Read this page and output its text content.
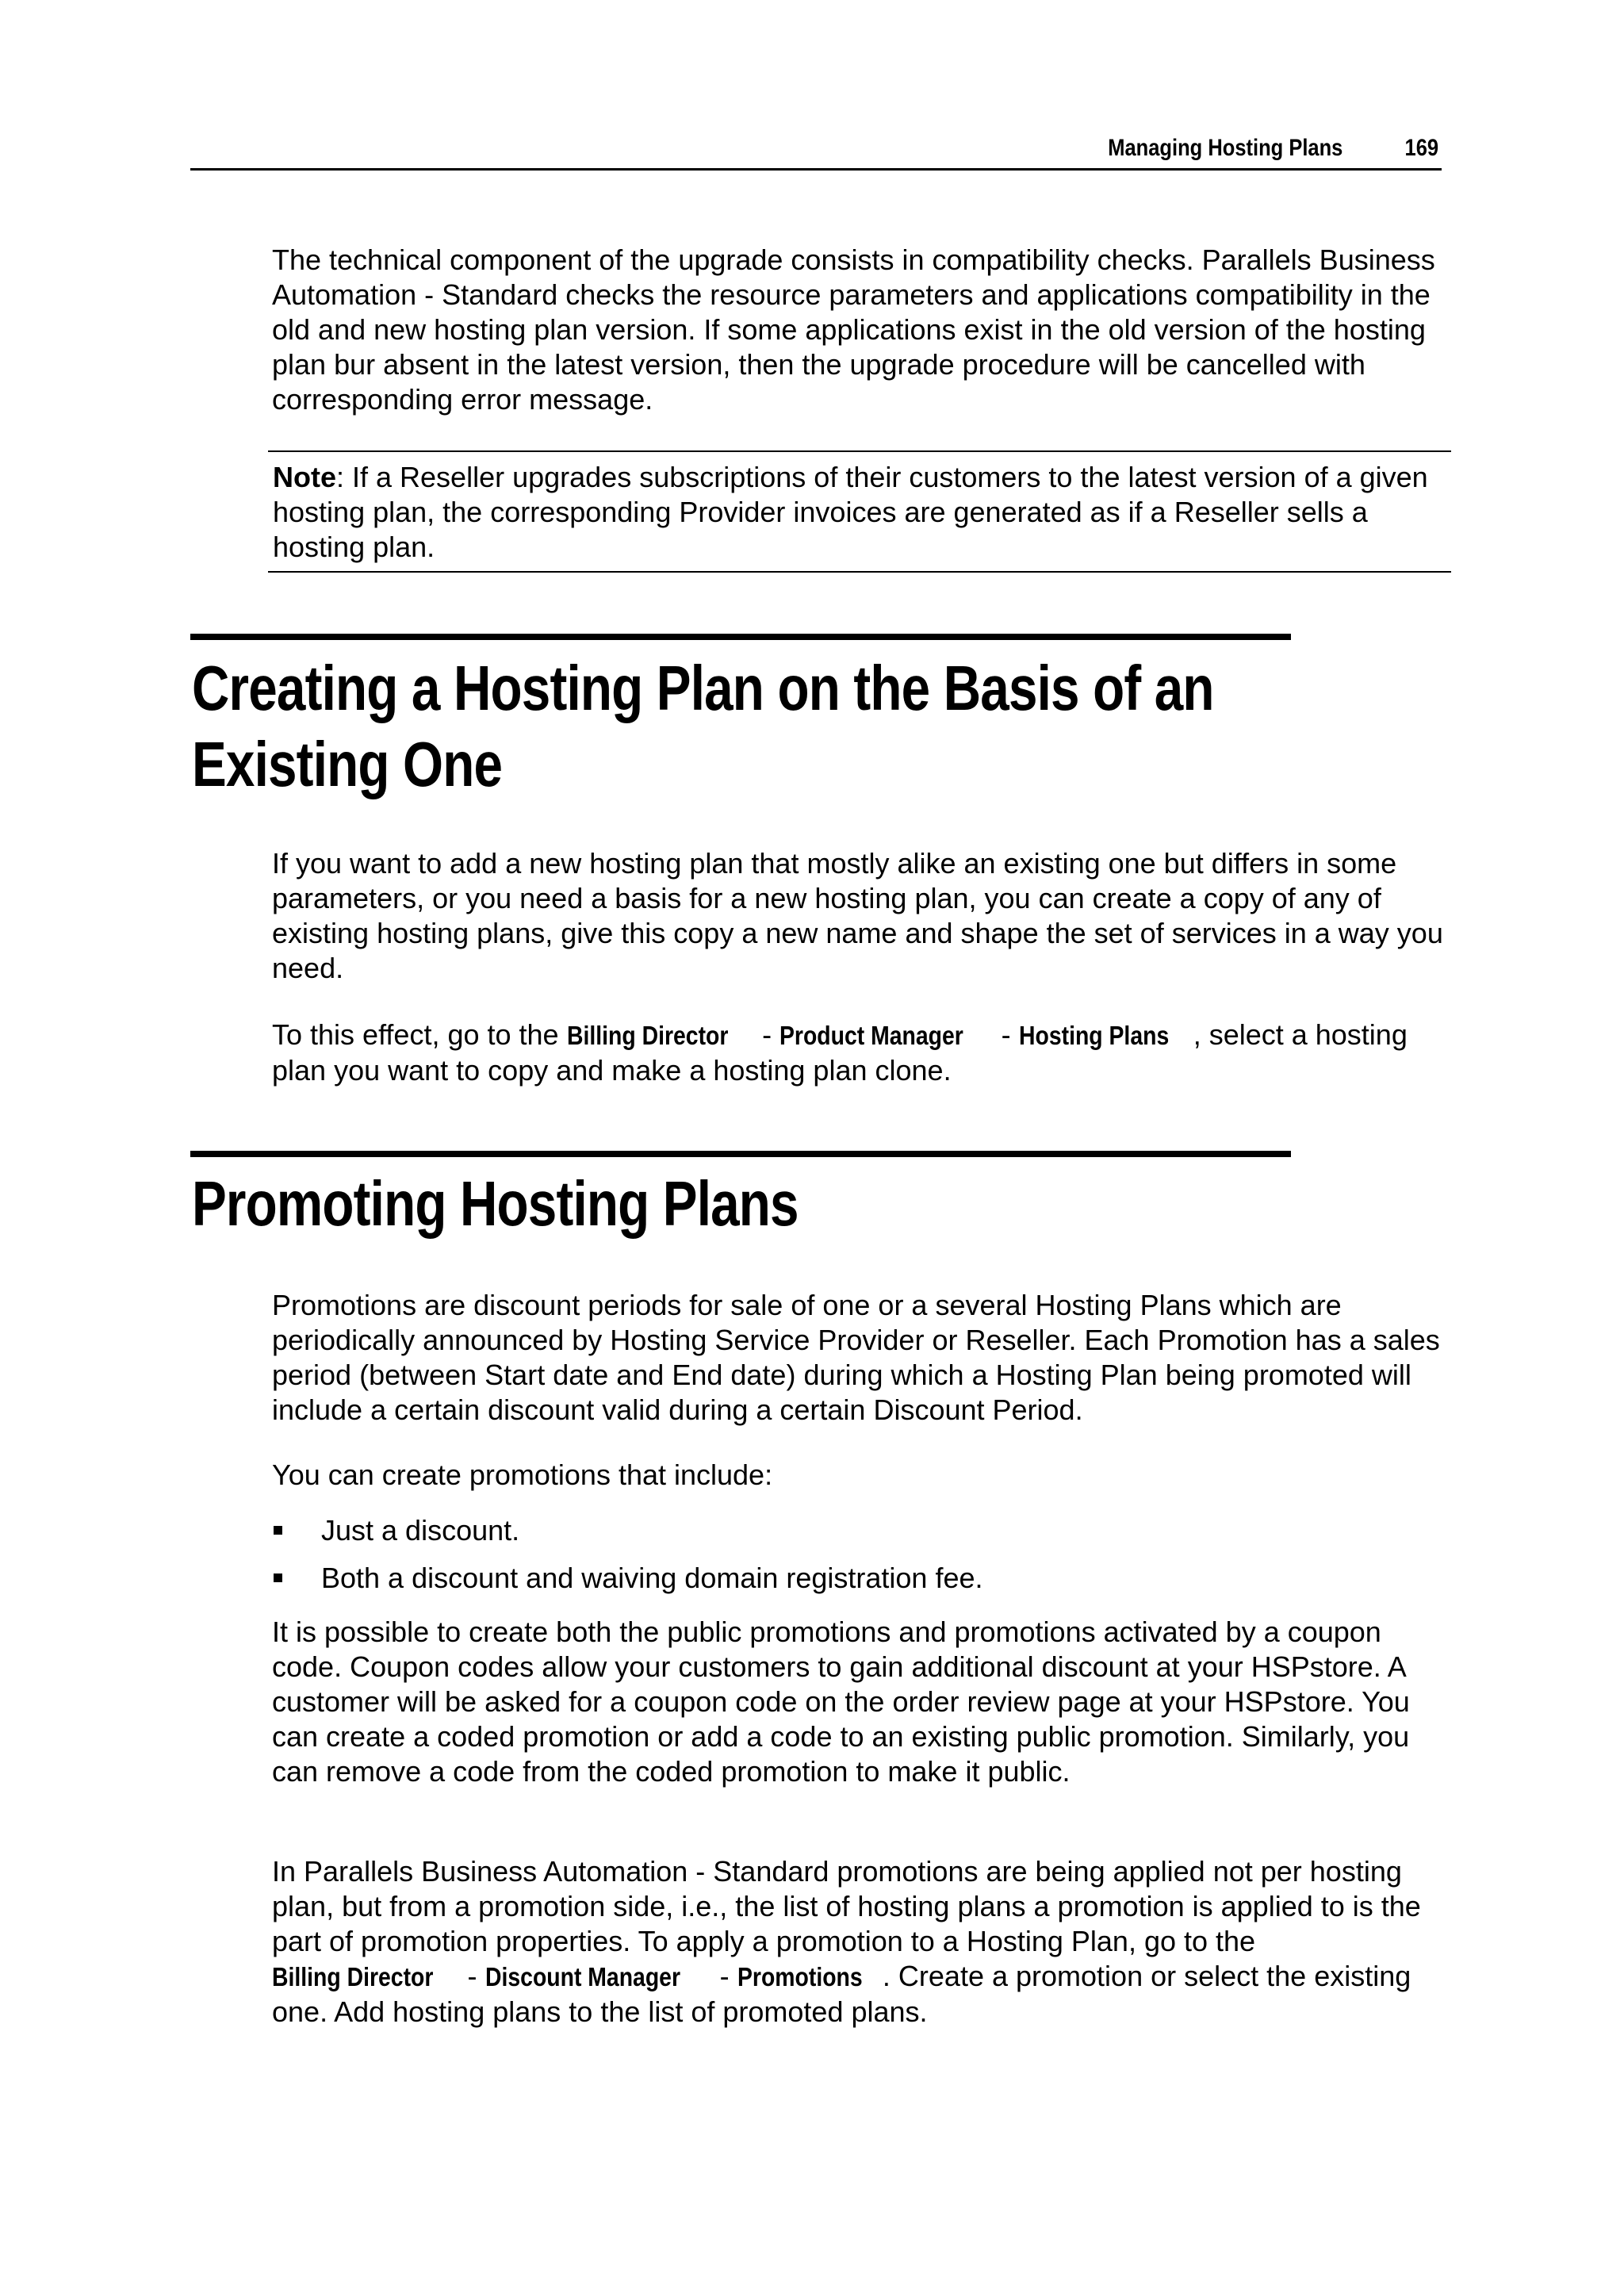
Managing Hosting Plans	169

The technical component of the upgrade consists in compatibility checks. Parallels Business Automation - Standard checks the resource parameters and applications compatibility in the old and new hosting plan version. If some applications exist in the old version of the hosting plan bur absent in the latest version, then the upgrade procedure will be cancelled with corresponding error message.

Note: If a Reseller upgrades subscriptions of their customers to the latest version of a given hosting plan, the corresponding Provider invoices are generated as if a Reseller sells a hosting plan.
Creating a Hosting Plan on the Basis of an
Existing One

If you want to add a new hosting plan that mostly alike an existing one but differs in some parameters, or you need a basis for a new hosting plan, you can create a copy of any of existing hosting plans, give this copy a new name and shape the set of services in a way you need.

To this effect, go to the Billing Director - Product Manager - Hosting Plans , select a hosting plan you want to copy and make a hosting plan clone.

Promoting Hosting Plans

Promotions are discount periods for sale of one or a several Hosting Plans which are periodically announced by Hosting Service Provider or Reseller. Each Promotion has a sales period (between Start date and End date) during which a Hosting Plan being promoted will include a certain discount valid during a certain Discount Period.

You can create promotions that include:

Just a discount.
Both a discount and waiving domain registration fee.

It is possible to create both the public promotions and promotions activated by a coupon code. Coupon codes allow your customers to gain additional discount at your HSPstore. A customer will be asked for a coupon code on the order review page at your HSPstore. You can create a coded promotion or add a code to an existing public promotion. Similarly, you can remove a code from the coded promotion to make it public.

In Parallels Business Automation - Standard promotions are being applied not per hosting plan, but from a promotion side, i.e., the list of hosting plans a promotion is applied to is the part of promotion properties. To apply a promotion to a Hosting Plan, go to the Billing Director - Discount Manager - Promotions . Create a promotion or select the existing one. Add hosting plans to the list of promoted plans.
